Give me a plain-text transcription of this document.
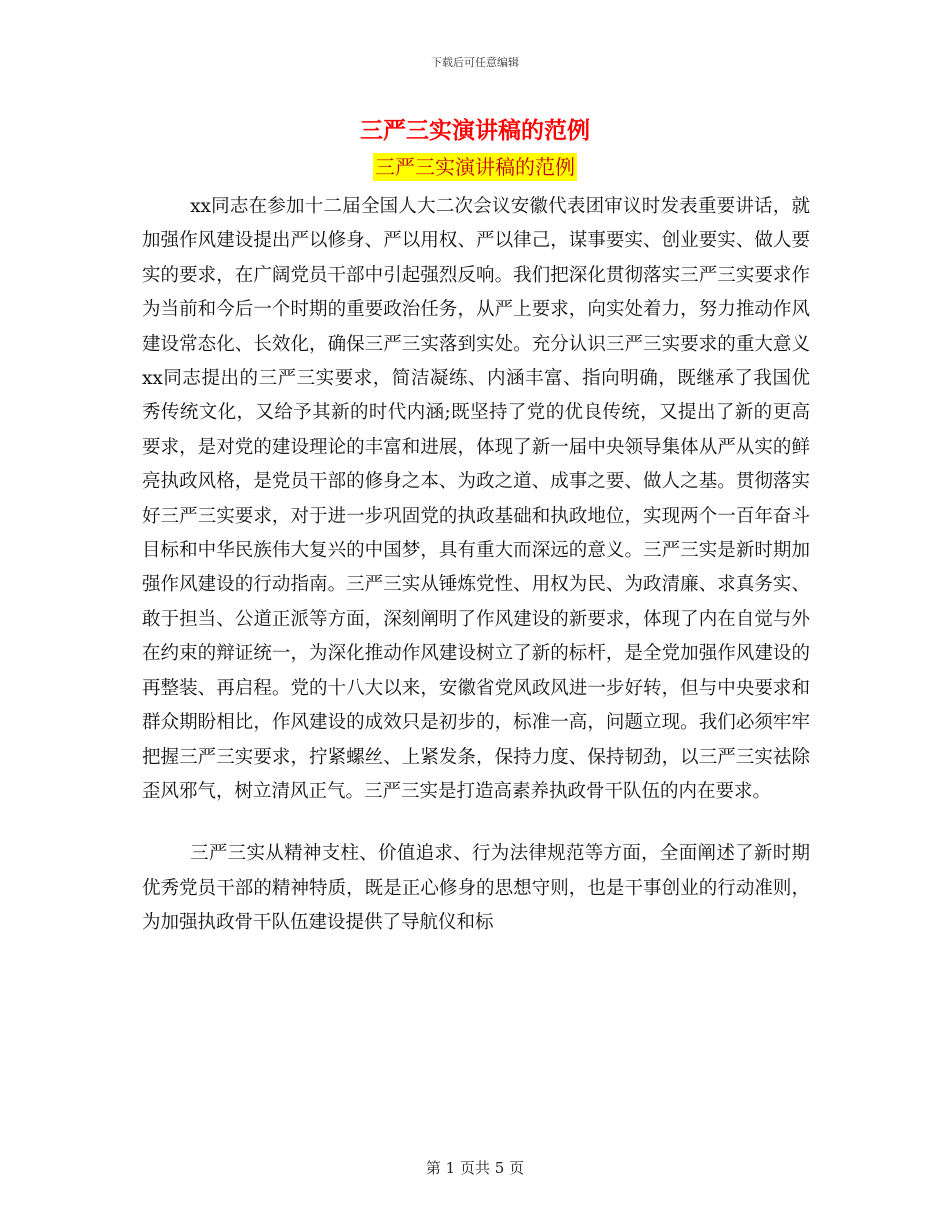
下载后可任意编辑
三严三实演讲稿的范例
三严三实演讲稿的范例

xx同志在参加十二届全国人大二次会议安徽代表团审议时发表重要讲话，就加强作风建设提出严以修身、严以用权、严以律己，谋事要实、创业要实、做人要实的要求，在广阔党员干部中引起强烈反响。我们把深化贯彻落实三严三实要求作为当前和今后一个时期的重要政治任务，从严上要求，向实处着力，努力推动作风建设常态化、长效化，确保三严三实落到实处。充分认识三严三实要求的重大意义xx同志提出的三严三实要求，简洁凝练、内涵丰富、指向明确，既继承了我国优秀传统文化，又给予其新的时代内涵;既坚持了党的优良传统，又提出了新的更高要求，是对党的建设理论的丰富和进展，体现了新一届中央领导集体从严从实的鲜亮执政风格，是党员干部的修身之本、为政之道、成事之要、做人之基。贯彻落实好三严三实要求，对于进一步巩固党的执政基础和执政地位，实现两个一百年奋斗目标和中华民族伟大复兴的中国梦，具有重大而深远的意义。三严三实是新时期加强作风建设的行动指南。三严三实从锤炼党性、用权为民、为政清廉、求真务实、敢于担当、公道正派等方面，深刻阐明了作风建设的新要求，体现了内在自觉与外在约束的辩证统一，为深化推动作风建设树立了新的标杆，是全党加强作风建设的再整装、再启程。党的十八大以来，安徽省党风政风进一步好转，但与中央要求和群众期盼相比，作风建设的成效只是初步的，标准一高，问题立现。我们必须牢牢把握三严三实要求，拧紧螺丝、上紧发条，保持力度、保持韧劲，以三严三实祛除歪风邪气，树立清风正气。三严三实是打造高素养执政骨干队伍的内在要求。

三严三实从精神支柱、价值追求、行为法律规范等方面，全面阐述了新时期优秀党员干部的精神特质，既是正心修身的思想守则，也是干事创业的行动准则，为加强执政骨干队伍建设提供了导航仪和标

第 1 页共 5 页
